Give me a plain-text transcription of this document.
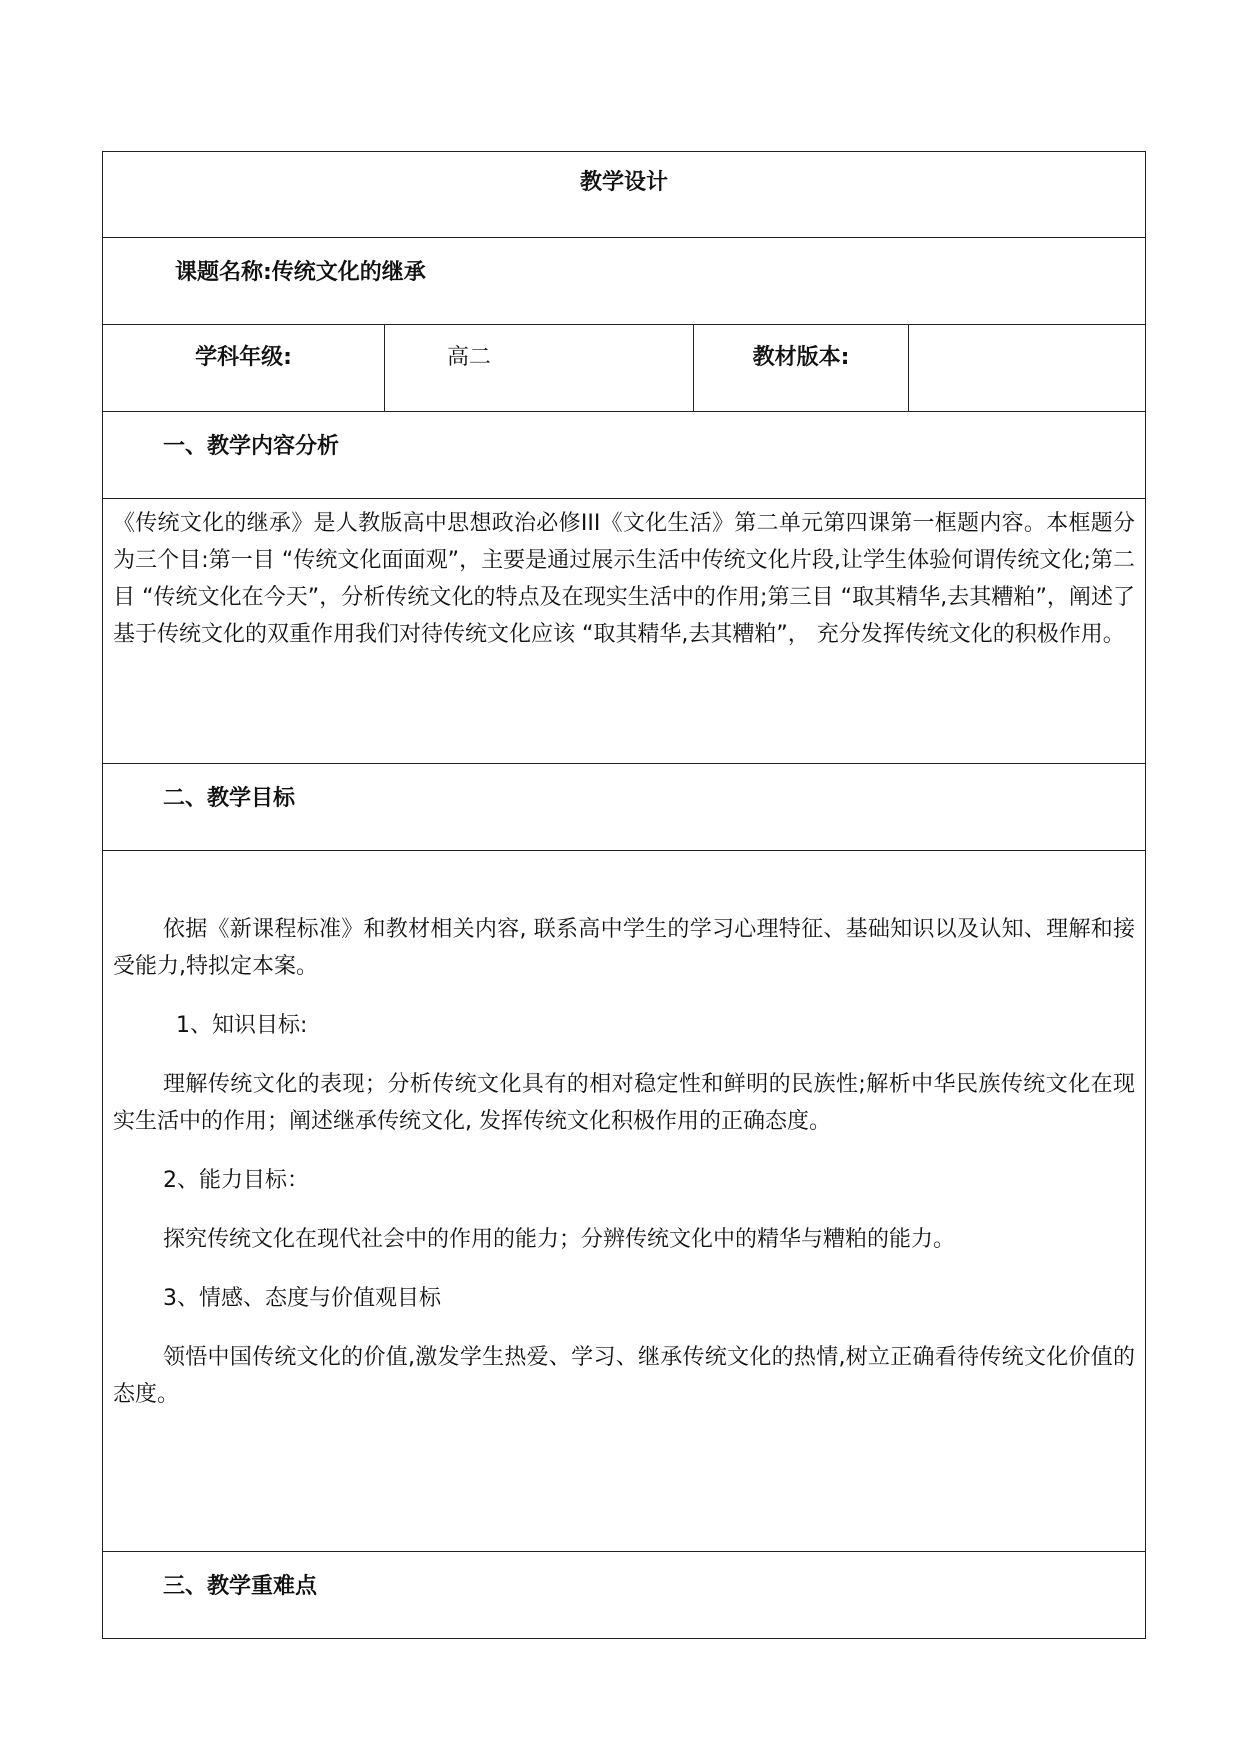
教学设计
课题名称:传统文化的继承
学科年级:	高二	教材版本:	
一、教学内容分析

《传统文化的继承》是人教版高中思想政治必修III《文化生活》第二单元第四课第一框题内容。本框题分为三个目:第一目 “传统文化面面观”，主要是通过展示生活中传统文化片段,让学生体验何谓传统文化;第二目 “传统文化在今天”，分析传统文化的特点及在现实生活中的作用;第三目 “取其精华,去其糟粕”，阐述了基于传统文化的双重作用我们对待传统文化应该 “取其精华,去其糟粕”， 充分发挥传统文化的积极作用。

二、教学目标

依据《新课程标准》和教材相关内容, 联系高中学生的学习心理特征、基础知识以及认知、理解和接受能力,特拟定本案。

1、知识目标:

理解传统文化的表现；分析传统文化具有的相对稳定性和鲜明的民族性;解析中华民族传统文化在现实生活中的作用；阐述继承传统文化, 发挥传统文化积极作用的正确态度。

2、能力目标：

探究传统文化在现代社会中的作用的能力；分辨传统文化中的精华与糟粕的能力。

3、情感、态度与价值观目标

领悟中国传统文化的价值,激发学生热爱、学习、继承传统文化的热情,树立正确看待传统文化价值的态度。

三、教学重难点
